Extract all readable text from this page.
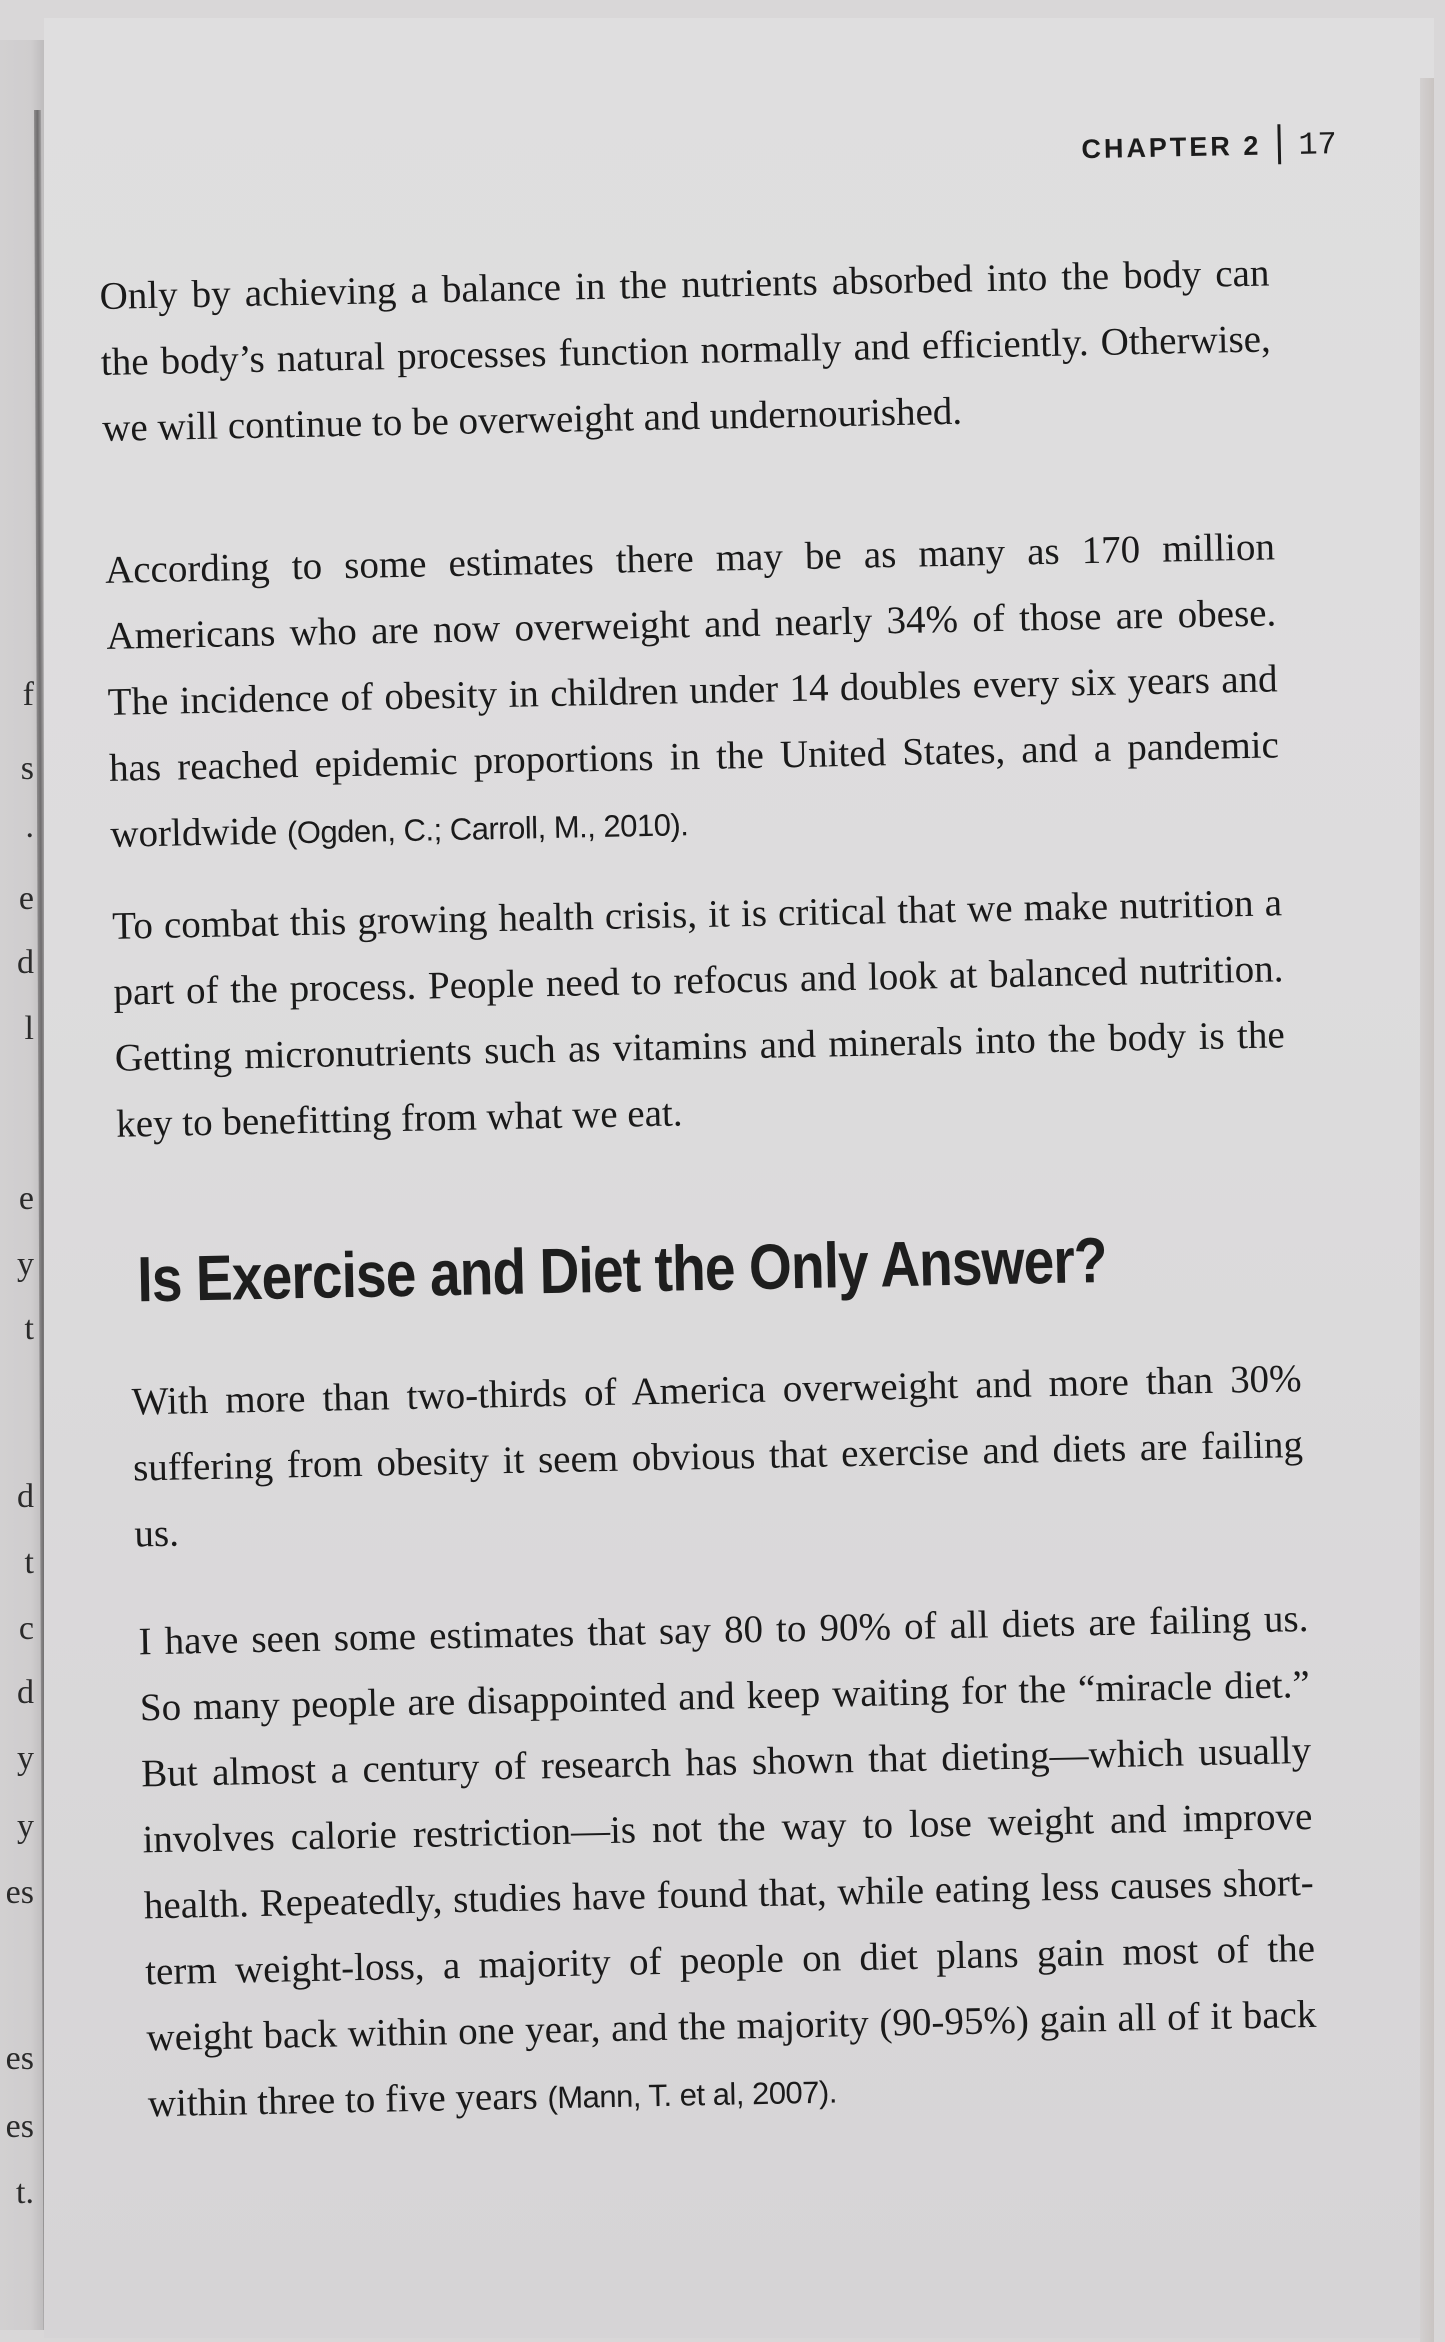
f
s
.
e
d
l
e
y
t
d
t
c
d
y
y
es
es
es
t.
CHAPTER 2 17

Only by achieving a balance in the nutrients absorbed into the body can the body’s natural processes function normally and efficiently. Otherwise, we will continue to be overweight and undernourished.

According to some estimates there may be as many as 170 million Americans who are now overweight and nearly 34% of those are obese. The incidence of obesity in children under 14 doubles every six years and has reached epidemic proportions in the United States, and a pandemic worldwide (Ogden, C.; Carroll, M., 2010).

To combat this growing health crisis, it is critical that we make nutrition a part of the process. People need to refocus and look at balanced nutrition. Getting micronutrients such as vitamins and minerals into the body is the key to benefitting from what we eat.

Is Exercise and Diet the Only Answer?

With more than two-thirds of America overweight and more than 30% suffering from obesity it seem obvious that exercise and diets are failing us.

I have seen some estimates that say 80 to 90% of all diets are failing us. So many people are disappointed and keep waiting for the “miracle diet.” But almost a century of research has shown that dieting—which usually involves calorie restriction—is not the way to lose weight and improve health. Repeatedly, studies have found that, while eating less causes short-term weight-loss, a majority of people on diet plans gain most of the weight back within one year, and the majority (90-95%) gain all of it back within three to five years (Mann, T. et al, 2007).
